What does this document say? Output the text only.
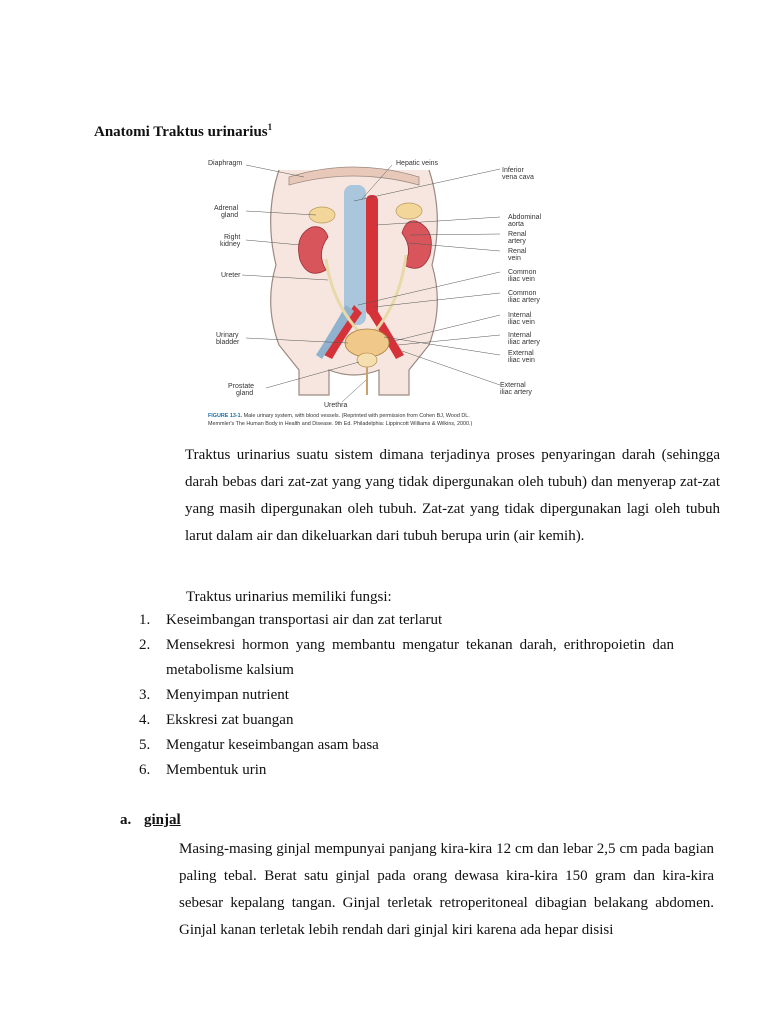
Anatomi Traktus urinarius$^1$
Diaphragm
Adrenal
gland
Right
kidney
Ureter
Urinary
bladder
Prostate
gland
Hepatic veins
Inferior
vena cava
Abdominal
aorta
Renal
artery
Renal
vein
Common
iliac vein
Common
iliac artery
Internal
iliac vein
Internal
iliac artery
External
iliac vein
External
iliac artery
Urethra
FIGURE 13-1. Male urinary system, with blood vessels. (Reprinted with permission from Cohen BJ, Wood DL.
Memmler's The Human Body in Health and Disease. 9th Ed. Philadelphia: Lippincott Williams & Wilkins, 2000.)

Traktus urinarius suatu sistem dimana terjadinya proses penyaringan darah (sehingga darah bebas dari zat-zat yang yang tidak dipergunakan oleh tubuh) dan menyerap zat-zat yang masih dipergunakan oleh tubuh. Zat-zat yang tidak dipergunakan lagi oleh tubuh larut dalam air dan dikeluarkan dari tubuh berupa urin (air kemih).

Traktus urinarius memiliki fungsi:

1. Keseimbangan transportasi air dan zat terlarut
2. Mensekresi hormon yang membantu mengatur tekanan darah, erithropoietin dan metabolisme kalsium
3. Menyimpan nutrient
4. Ekskresi zat buangan
5. Mengatur keseimbangan asam basa
6. Membentuk urin
a. ginjal

Masing-masing ginjal mempunyai panjang kira-kira 12 cm dan lebar 2,5 cm pada bagian paling tebal. Berat satu ginjal pada orang dewasa kira-kira 150 gram dan kira-kira sebesar kepalang tangan. Ginjal terletak retroperitoneal dibagian belakang abdomen. Ginjal kanan terletak lebih rendah dari ginjal kiri karena ada hepar disisi
